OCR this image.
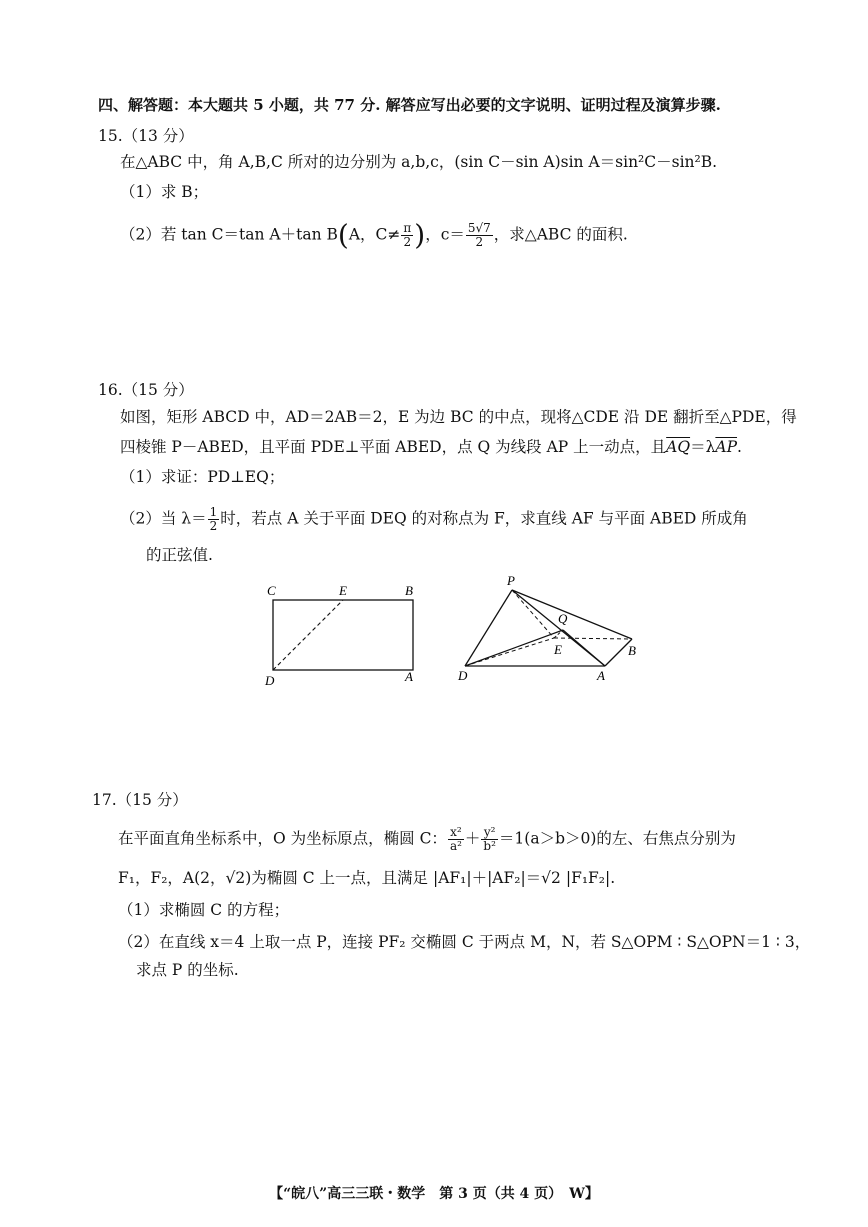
四、解答题：本大题共 5 小题，共 77 分. 解答应写出必要的文字说明、证明过程及演算步骤.
15.（13 分）
在△ABC 中，角 A,B,C 所对的边分别为 a,b,c，(sin C－sin A)sin A＝sin²C－sin²B.
（1）求 B；
（2）若 tan C＝tan A＋tan B(A，$C\ne \frac{\pi}{2}$ )，$c= \frac{5√7}{2}$ ，求△ABC 的面积.
16.（15 分）
如图，矩形 ABCD 中，AD＝2AB＝2，E 为边 BC 的中点，现将△CDE 沿 DE 翻折至△PDE，得
四棱锥 P－ABED，且平面 PDE⊥平面 ABED，点 Q 为线段 AP 上一动点，且$\overline{AQ}=\lambda\overline{AP}$.
（1）求证：PD⊥EQ；
（2）当 $\lambda= \frac{1}{2}$ 时，若点 A 关于平面 DEQ 的对称点为 F，求直线 AF 与平面 ABED 所成角
的正弦值.
C	E	B
D	A
P
Q
E	B
D	A
17.（15 分）
在平面直角坐标系中，O 为坐标原点，椭圆 C： $\frac{\text{x²}}{\text{a²}} + \frac{\text{y²}}{\text{b²}} =1(a>b>0)$的左、右焦点分别为
F₁，F₂，A(2，√2)为椭圆 C 上一点，且满足 |AF₁|＋|AF₂|＝√2 |F₁F₂|.
（1）求椭圆 C 的方程；
（2）在直线 x＝4 上取一点 P，连接 PF₂ 交椭圆 C 于两点 M，N，若 S△OPM ∶ S△OPN＝1 ∶ 3，
求点 P 的坐标.
【“皖八”高三三联・数学　第 3 页（共 4 页）　W】
